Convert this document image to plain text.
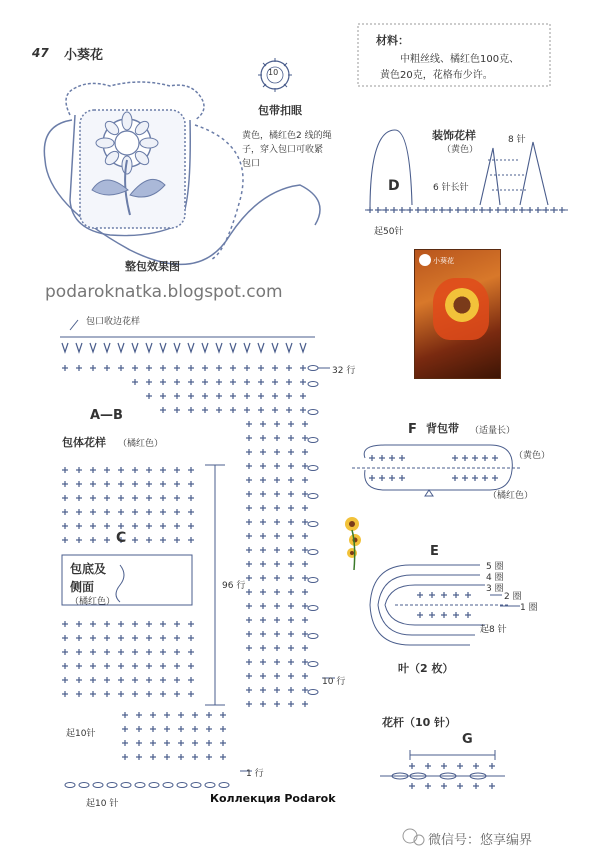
小葵花
47 小葵花
材料：
中粗丝线、橘红色100克、
黄色20克，花格布少许。
10
包带扣眼
黄色，橘红色2 线的绳
子，穿入包口可收紧
包口
整包效果图
podaroknatka.blogspot.com
装饰花样
（黄色）
D
8 针
6 针长针
起50针
包口收边花样
32 行
A—B
包体花样 （橘红色）
C
包底及
侧面
（橘红色）
96 行
10 行
起10针
1 行
起10 针
F 背包带 （适量长）
（黄色）
（橘红色）
E
5 圈
4 圈
3 圈
2 圈
1 圈
起8 针
叶（2 枚）
花杆（10 针）
G
Коллекция Podarok
微信号：悠享编界
